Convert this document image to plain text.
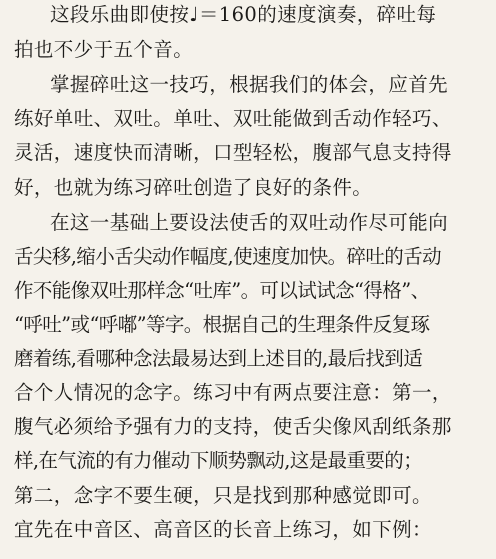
这段乐曲即使按♩＝160的速度演奏，碎吐每
拍也不少于五个音。
掌握碎吐这一技巧，根据我们的体会，应首先
练好单吐、双吐。单吐、双吐能做到舌动作轻巧、
灵活，速度快而清晰，口型轻松，腹部气息支持得
好，也就为练习碎吐创造了良好的条件。
在这一基础上要设法使舌的双吐动作尽可能向
舌尖移,缩小舌尖动作幅度,使速度加快。碎吐的舌动
作不能像双吐那样念“吐库”。可以试试念“得格”、
“呼吐”或“呼嘟”等字。根据自己的生理条件反复琢
磨着练,看哪种念法最易达到上述目的,最后找到适
合个人情况的念字。练习中有两点要注意：第一，
腹气必须给予强有力的支持，使舌尖像风刮纸条那
样,在气流的有力催动下顺势飘动,这是最重要的；
第二，念字不要生硬，只是找到那种感觉即可。
宜先在中音区、高音区的长音上练习，如下例：
